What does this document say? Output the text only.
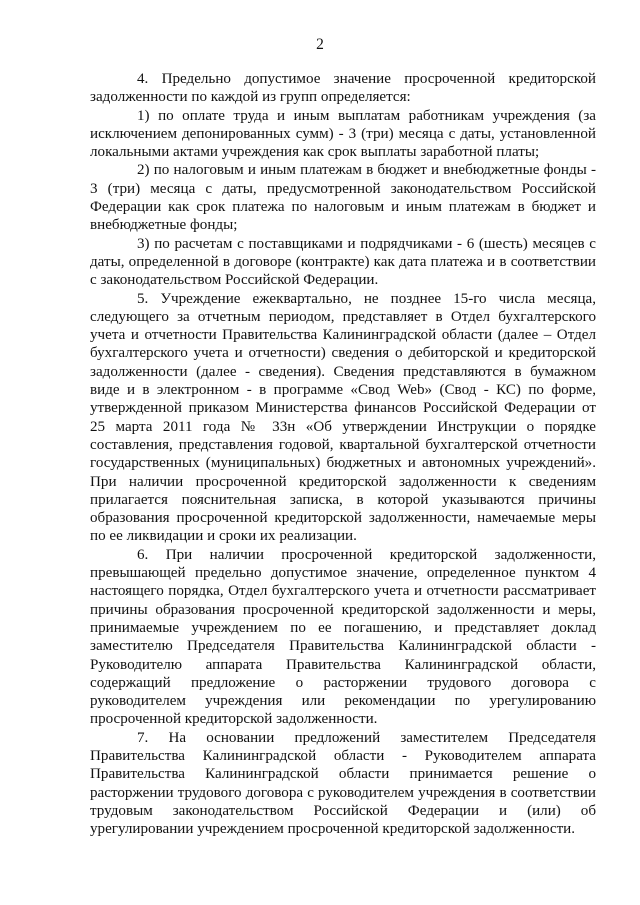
2

4. Предельно допустимое значение просроченной кредиторской задолженности по каждой из групп определяется:

1) по оплате труда и иным выплатам работникам учреждения (за исключением депонированных сумм) - 3 (три) месяца с даты, установленной локальными актами учреждения как срок выплаты заработной платы;

2) по налоговым и иным платежам в бюджет и внебюджетные фонды - 3 (три) месяца с даты, предусмотренной законодательством Российской Федерации как срок платежа по налоговым и иным платежам в бюджет и внебюджетные фонды;

3) по расчетам с поставщиками и подрядчиками - 6 (шесть) месяцев с даты, определенной в договоре (контракте) как дата платежа и в соответствии с законодательством Российской Федерации.

5. Учреждение ежеквартально, не позднее 15-го числа месяца, следующего за отчетным периодом, представляет в Отдел бухгалтерского учета и отчетности Правительства Калининградской области (далее – Отдел бухгалтерского учета и отчетности) сведения о дебиторской и кредиторской задолженности (далее - сведения). Сведения представляются в бумажном виде и в электронном - в программе «Свод Web» (Свод - КС) по форме, утвержденной приказом Министерства финансов Российской Федерации от 25 марта 2011 года № 33н «Об утверждении Инструкции о порядке составления, представления годовой, квартальной бухгалтерской отчетности государственных (муниципальных) бюджетных и автономных учреждений». При наличии просроченной кредиторской задолженности к сведениям прилагается пояснительная записка, в которой указываются причины образования просроченной кредиторской задолженности, намечаемые меры по ее ликвидации и сроки их реализации.

6. При наличии просроченной кредиторской задолженности, превышающей предельно допустимое значение, определенное пунктом 4 настоящего порядка, Отдел бухгалтерского учета и отчетности рассматривает причины образования просроченной кредиторской задолженности и меры, принимаемые учреждением по ее погашению, и представляет доклад заместителю Председателя Правительства Калининградской области - Руководителю аппарата Правительства Калининградской области, содержащий предложение о расторжении трудового договора с руководителем учреждения или рекомендации по урегулированию просроченной кредиторской задолженности.

7. На основании предложений заместителем Председателя Правительства Калининградской области - Руководителем аппарата Правительства Калининградской области принимается решение о расторжении трудового договора с руководителем учреждения в соответствии трудовым законодательством Российской Федерации и (или) об урегулировании учреждением просроченной кредиторской задолженности.
